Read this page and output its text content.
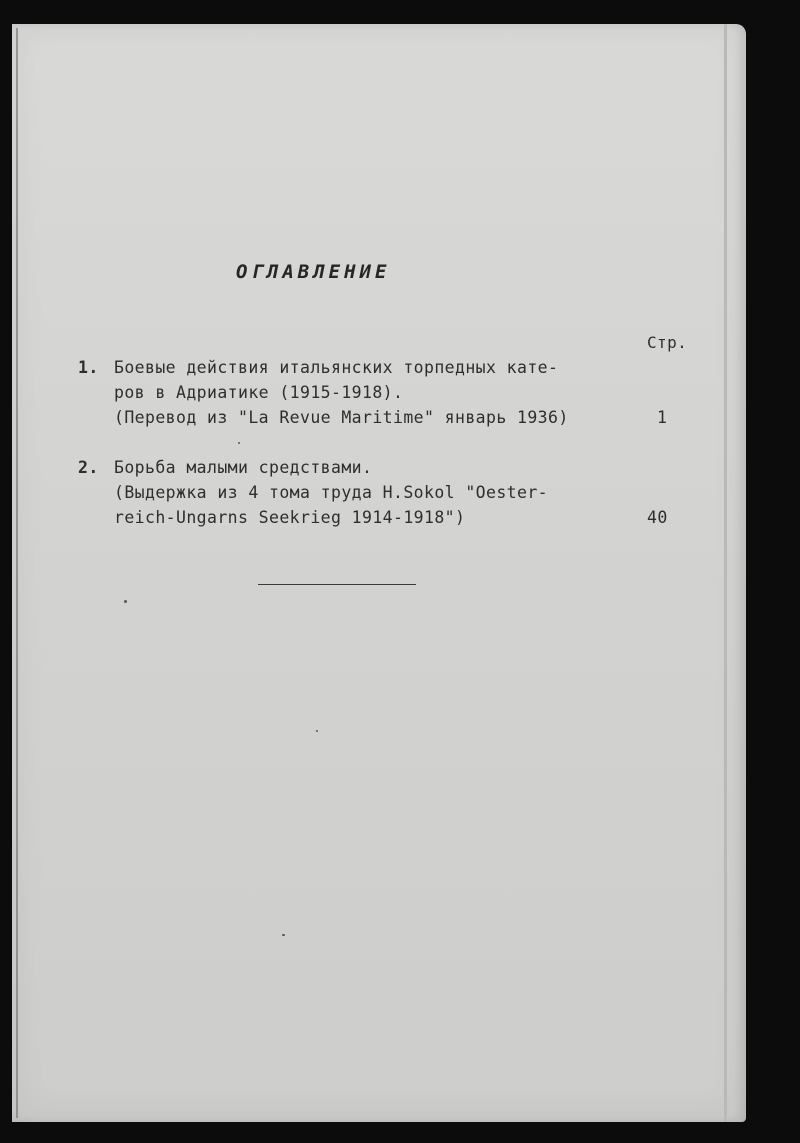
ОГЛАВЛЕНИЕ
Стр.
1. Боевые действия итальянских торпедных кате-
ров в Адриатике (1915-1918).
(Перевод из "La Revue Maritime" январь 1936)	1
2. Борьба малыми средствами.
(Выдержка из 4 тома труда H.Sokol "Oester-
reich-Ungarns Seekrieg 1914-1918")	40
